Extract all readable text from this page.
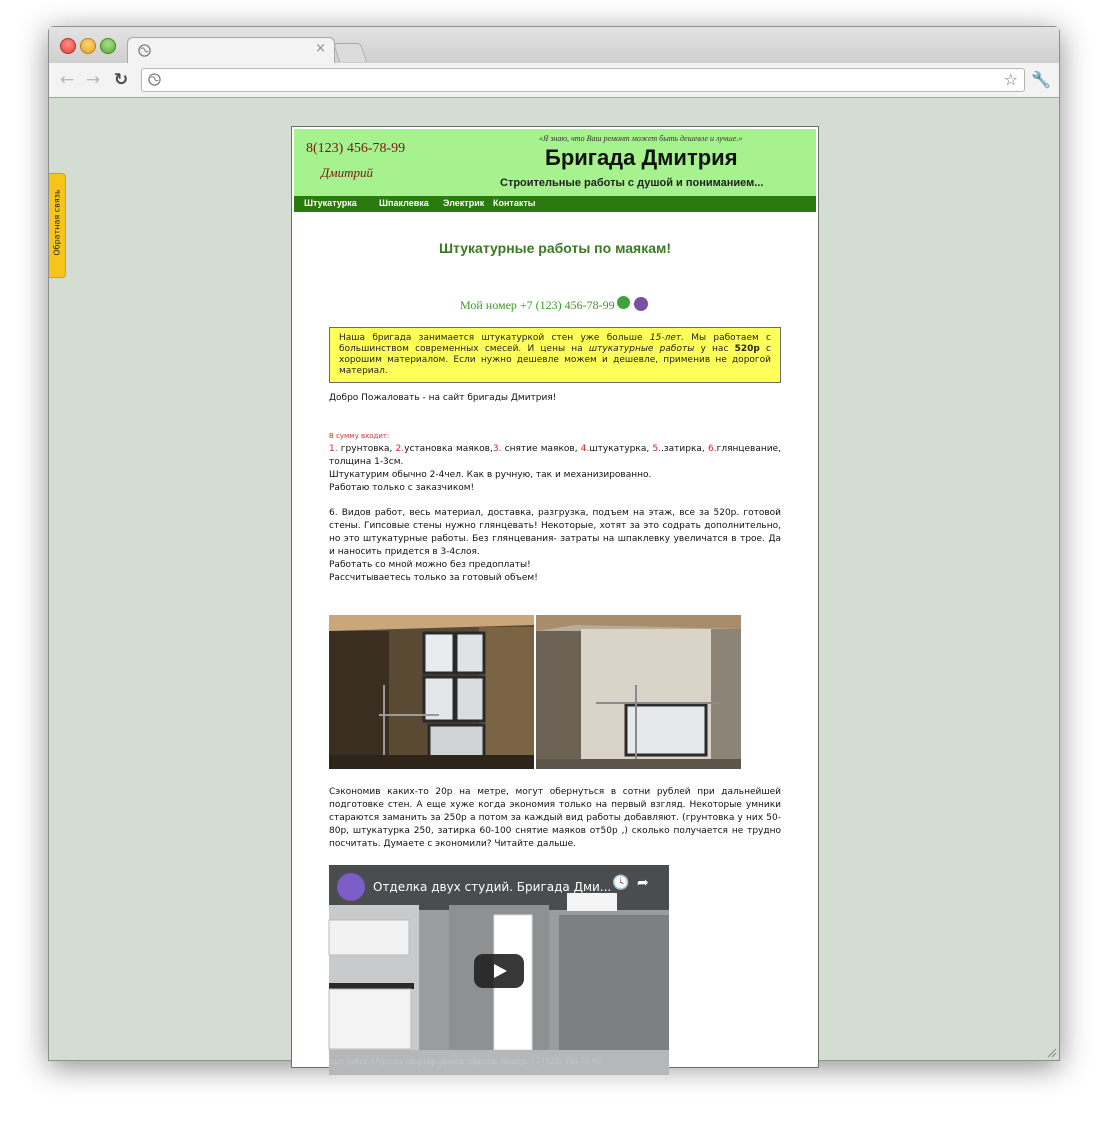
×
← → ↻	☆ 🔧
Обратная связь
8(123) 456-78-99
Дмитрий
«Я знаю, что Ваш ремонт может быть дешевле и лучше.»
Бригада Дмитрия
Строительные работы с душой и пониманием...
Штукатурка Шпаклевка Электрик Контакты
Штукатурные работы по маякам!
Мой номер +7 (123) 456-78-99
Наша бригада занимается штукатуркой стен уже больше 15-лет. Мы работаем с большинством современных смесей. И цены на штукатурные работы у нас 520р с хорошим материалом. Если нужно дешевле можем и дешевле, применив не дорогой материал.
Добро Пожаловать - на сайт бригады Дмитрия!
В сумму входит:
1. грунтовка, 2.установка маяков,3. снятие маяков, 4.штукатурка, 5..затирка, 6.глянцевание, толщина 1-3см.
Штукатурим обычно 2-4чел. Как в ручную, так и механизированно.
Работаю только с заказчиком!
6. Видов работ, весь материал, доставка, разгрузка, подъем на этаж, все за 520р. готовой стены. Гипсовые стены нужно глянцевать! Некоторые, хотят за это содрать дополнительно, но это штукатурные работы. Без глянцевания- затраты на шпаклевку увеличатся в трое. Да и наносить придется в 3-4слоя.
Работать со мной можно без предоплаты!
Рассчитываетесь только за готовый объем!
Сэкономив каких-то 20р на метре, могут обернуться в сотни рублей при дальнейшей подготовке стен. А еще хуже когда экономия только на первый взгляд. Некоторые умники стараются заманить за 250р а потом за каждый вид работы добавляют. (грунтовка у них 50-80р, штукатурка 250, затирка 60-100 снятие маяков от50р ,) сколько получается не трудно посчитать. Думаете с экономили? Читайте дальше.
Отделка двух студий. Бригада Дми... 🕓 ➦
ных работ. Отделка квартир, домов, офисов. Номер: +7 (123) 456-78-99
